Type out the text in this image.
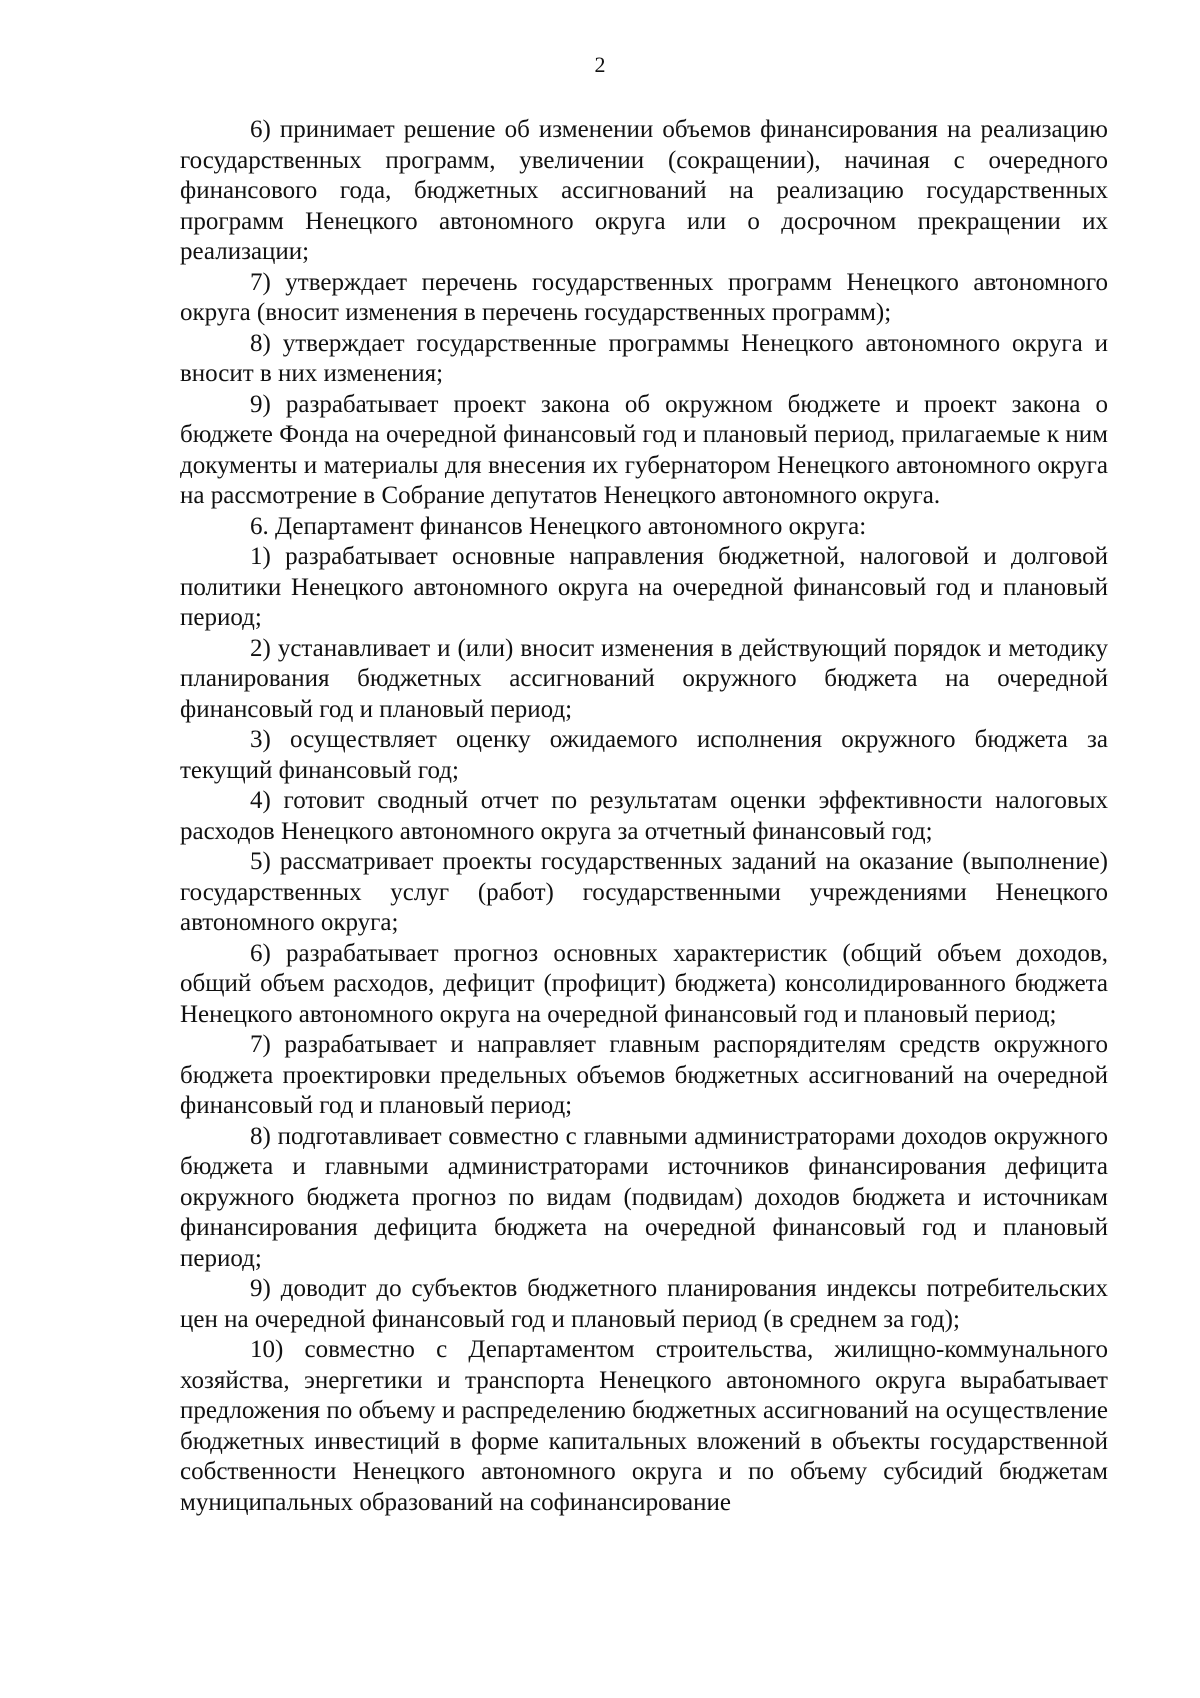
2

6) принимает решение об изменении объемов финансирования на реализацию государственных программ, увеличении (сокращении), начиная с очередного финансового года, бюджетных ассигнований на реализацию государственных программ Ненецкого автономного округа или о досрочном прекращении их реализации;

7) утверждает перечень государственных программ Ненецкого автономного округа (вносит изменения в перечень государственных программ);

8) утверждает государственные программы Ненецкого автономного округа и вносит в них изменения;

9) разрабатывает проект закона об окружном бюджете и проект закона о бюджете Фонда на очередной финансовый год и плановый период, прилагаемые к ним документы и материалы для внесения их губернатором Ненецкого автономного округа на рассмотрение в Собрание депутатов Ненецкого автономного округа.

6. Департамент финансов Ненецкого автономного округа:

1) разрабатывает основные направления бюджетной, налоговой и долговой политики Ненецкого автономного округа на очередной финансовый год и плановый период;

2) устанавливает и (или) вносит изменения в действующий порядок и методику планирования бюджетных ассигнований окружного бюджета на очередной финансовый год и плановый период;

3) осуществляет оценку ожидаемого исполнения окружного бюджета за текущий финансовый год;

4) готовит сводный отчет по результатам оценки эффективности налоговых расходов Ненецкого автономного округа за отчетный финансовый год;

5) рассматривает проекты государственных заданий на оказание (выполнение) государственных услуг (работ) государственными учреждениями Ненецкого автономного округа;

6) разрабатывает прогноз основных характеристик (общий объем доходов, общий объем расходов, дефицит (профицит) бюджета) консолидированного бюджета Ненецкого автономного округа на очередной финансовый год и плановый период;

7) разрабатывает и направляет главным распорядителям средств окружного бюджета проектировки предельных объемов бюджетных ассигнований на очередной финансовый год и плановый период;

8) подготавливает совместно с главными администраторами доходов окружного бюджета и главными администраторами источников финансирования дефицита окружного бюджета прогноз по видам (подвидам) доходов бюджета и источникам финансирования дефицита бюджета на очередной финансовый год и плановый период;

9) доводит до субъектов бюджетного планирования индексы потребительских цен на очередной финансовый год и плановый период (в среднем за год);

10) совместно с Департаментом строительства, жилищно-коммунального хозяйства, энергетики и транспорта Ненецкого автономного округа вырабатывает предложения по объему и распределению бюджетных ассигнований на осуществление бюджетных инвестиций в форме капитальных вложений в объекты государственной собственности Ненецкого автономного округа и по объему субсидий бюджетам муниципальных образований на софинансирование
